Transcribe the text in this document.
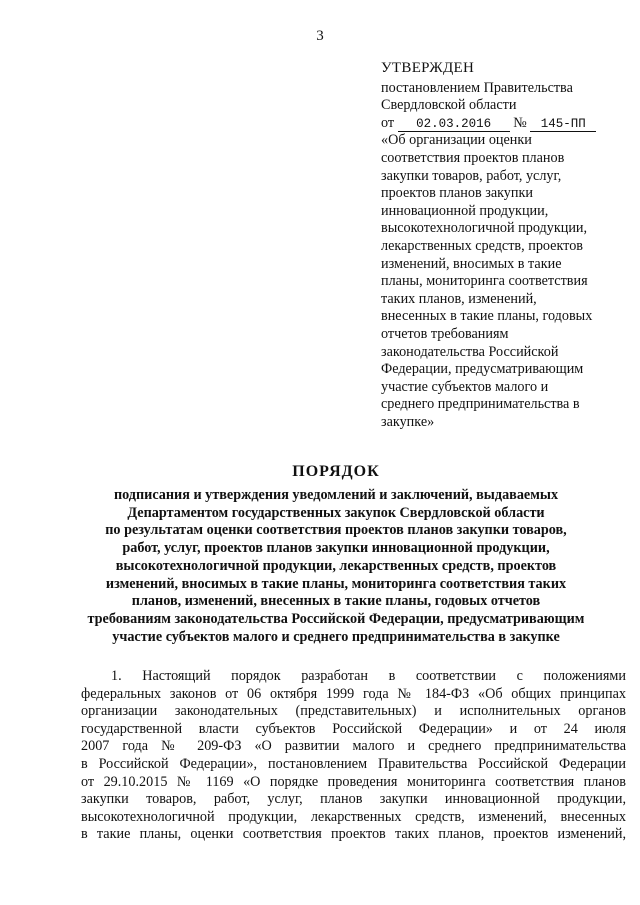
3
УТВЕРЖДЕН
постановлением Правительства
Свердловской области
от 02.03.2016 № 145-ПП
«Об организации оценки
соответствия проектов планов
закупки товаров, работ, услуг,
проектов планов закупки
инновационной продукции,
высокотехнологичной продукции,
лекарственных средств, проектов
изменений, вносимых в такие
планы, мониторинга соответствия
таких планов, изменений,
внесенных в такие планы, годовых
отчетов требованиям
законодательства Российской
Федерации, предусматривающим
участие субъектов малого и
среднего предпринимательства в
закупке»
ПОРЯДОК
подписания и утверждения уведомлений и заключений, выдаваемых
Департаментом государственных закупок Свердловской области
по результатам оценки соответствия проектов планов закупки товаров,
работ, услуг, проектов планов закупки инновационной продукции,
высокотехнологичной продукции, лекарственных средств, проектов
изменений, вносимых в такие планы, мониторинга соответствия таких
планов, изменений, внесенных в такие планы, годовых отчетов
требованиям законодательства Российской Федерации, предусматривающим
участие субъектов малого и среднего предпринимательства в закупке
1. Настоящий порядок разработан в соответствии с положениями
федеральных законов от 06 октября 1999 года № 184-ФЗ «Об общих принципах
организации законодательных (представительных) и исполнительных органов
государственной власти субъектов Российской Федерации» и от 24 июля
2007 года № 209-ФЗ «О развитии малого и среднего предпринимательства
в Российской Федерации», постановлением Правительства Российской Федерации
от 29.10.2015 № 1169 «О порядке проведения мониторинга соответствия планов
закупки товаров, работ, услуг, планов закупки инновационной продукции,
высокотехнологичной продукции, лекарственных средств, изменений, внесенных
в такие планы, оценки соответствия проектов таких планов, проектов изменений,
